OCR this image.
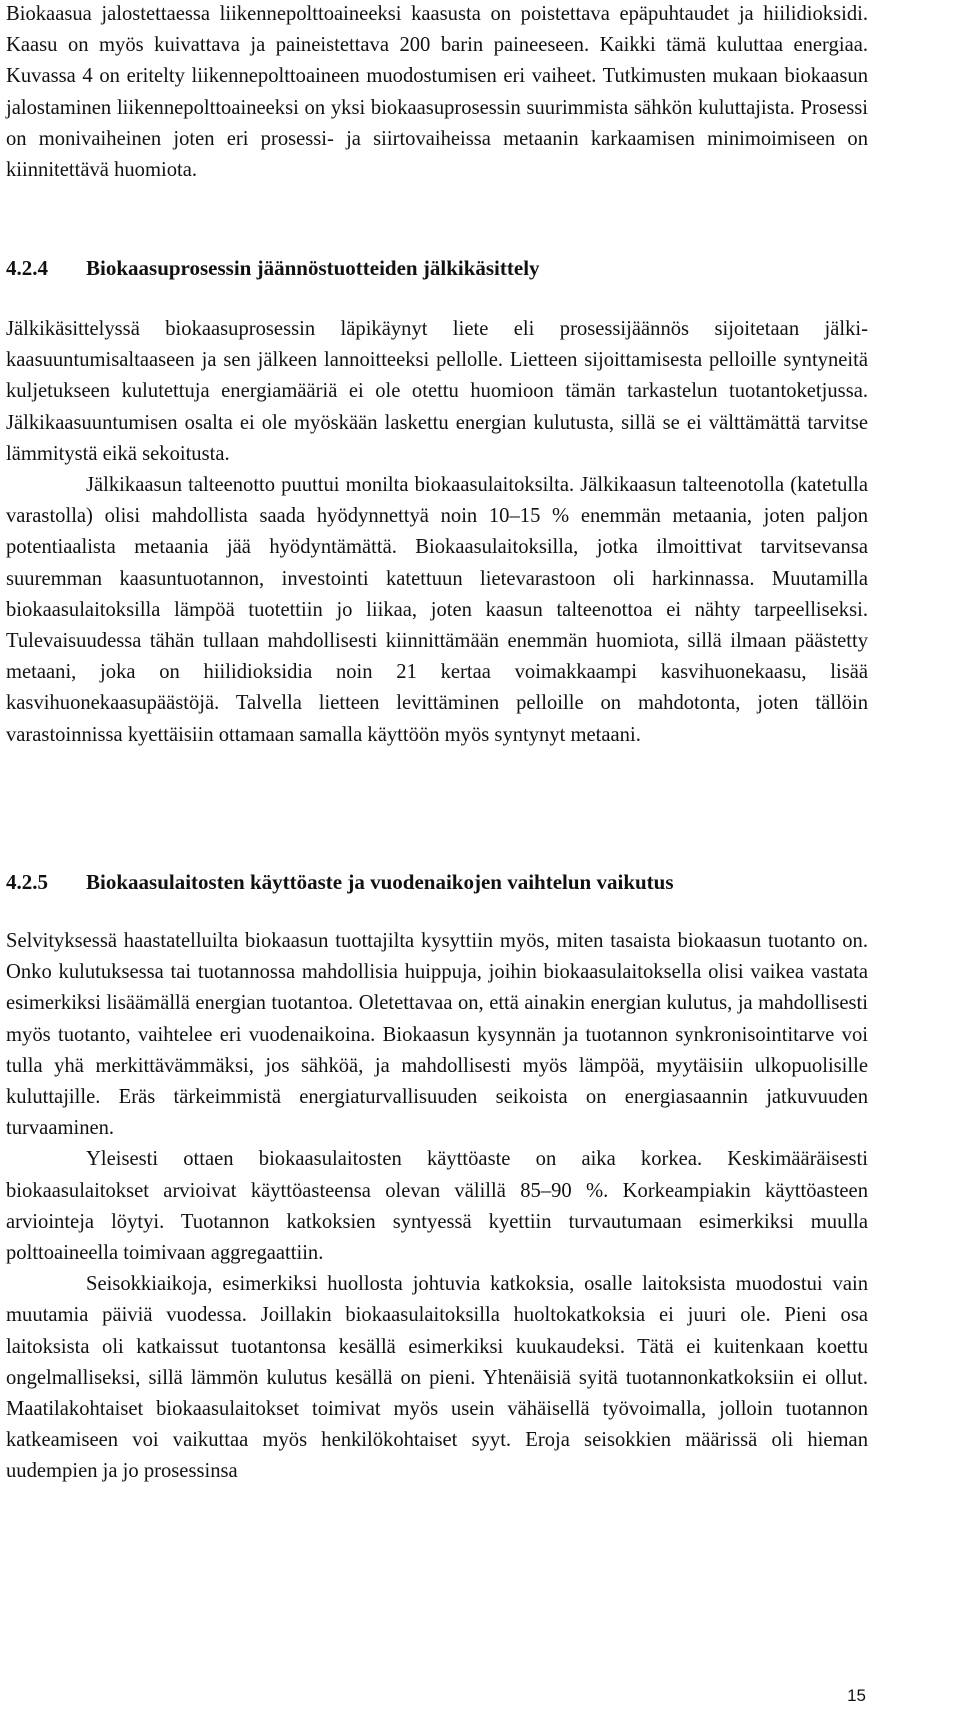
Biokaasua jalostettaessa liikennepolttoaineeksi kaasusta on poistettava epäpuhtaudet ja hiilidioksidi. Kaasu on myös kuivattava ja paineistettava 200 barin paineeseen. Kaikki tämä kuluttaa energiaa. Kuvassa 4 on eritelty liikennepolttoaineen muodostumisen eri vaiheet. Tutkimusten mukaan biokaasun jalostaminen liikennepolttoaineeksi on yksi biokaasuprosessin suurimmista sähkön kuluttajista. Prosessi on monivaiheinen joten eri prosessi- ja siirtovaiheissa metaanin karkaamisen minimoimiseen on kiinnitettävä huomiota.

4.2.4	Biokaasuprosessin jäännöstuotteiden jälkikäsittely

Jälkikäsittelyssä biokaasuprosessin läpikäynyt liete eli prosessijäännös sijoitetaan jälkikaasuuntumisaltaaseen ja sen jälkeen lannoitteeksi pellolle. Lietteen sijoittamisesta pelloille syntyneitä kuljetukseen kulutettuja energiamääriä ei ole otettu huomioon tämän tarkastelun tuotantoketjussa. Jälkikaasuuntumisen osalta ei ole myöskään laskettu energian kulutusta, sillä se ei välttämättä tarvitse lämmitystä eikä sekoitusta.

Jälkikaasun talteenotto puuttui monilta biokaasulaitoksilta. Jälkikaasun talteenotolla (katetulla varastolla) olisi mahdollista saada hyödynnettyä noin 10–15 % enemmän metaania, joten paljon potentiaalista metaania jää hyödyntämättä. Biokaasulaitoksilla, jotka ilmoittivat tarvitsevansa suuremman kaasuntuotannon, investointi katettuun lietevarastoon oli harkinnassa. Muutamilla biokaasulaitoksilla lämpöä tuotettiin jo liikaa, joten kaasun talteenottoa ei nähty tarpeelliseksi. Tulevaisuudessa tähän tullaan mahdollisesti kiinnittämään enemmän huomiota, sillä ilmaan päästetty metaani, joka on hiilidioksidia noin 21 kertaa voimakkaampi kasvihuonekaasu, lisää kasvihuonekaasupäästöjä. Talvella lietteen levittäminen pelloille on mahdotonta, joten tällöin varastoinnissa kyettäisiin ottamaan samalla käyttöön myös syntynyt metaani.

4.2.5	Biokaasulaitosten käyttöaste ja vuodenaikojen vaihtelun vaikutus

Selvityksessä haastatelluilta biokaasun tuottajilta kysyttiin myös, miten tasaista biokaasun tuotanto on. Onko kulutuksessa tai tuotannossa mahdollisia huippuja, joihin biokaasulaitoksella olisi vaikea vastata esimerkiksi lisäämällä energian tuotantoa. Oletettavaa on, että ainakin energian kulutus, ja mahdollisesti myös tuotanto, vaihtelee eri vuodenaikoina. Biokaasun kysynnän ja tuotannon synkronisointitarve voi tulla yhä merkittävämmäksi, jos sähköä, ja mahdollisesti myös lämpöä, myytäisiin ulkopuolisille kuluttajille. Eräs tärkeimmistä energiaturvallisuuden seikoista on energiasaannin jatkuvuuden turvaaminen.

Yleisesti ottaen biokaasulaitosten käyttöaste on aika korkea. Keskimääräisesti biokaasulaitokset arvioivat käyttöasteensa olevan välillä 85–90 %. Korkeampiakin käyttöasteen arviointeja löytyi. Tuotannon katkoksien syntyessä kyettiin turvautumaan esimerkiksi muulla polttoaineella toimivaan aggregaattiin.

Seisokkiaikoja, esimerkiksi huollosta johtuvia katkoksia, osalle laitoksista muodostui vain muutamia päiviä vuodessa. Joillakin biokaasulaitoksilla huoltokatkoksia ei juuri ole. Pieni osa laitoksista oli katkaissut tuotantonsa kesällä esimerkiksi kuukaudeksi. Tätä ei kuitenkaan koettu ongelmalliseksi, sillä lämmön kulutus kesällä on pieni. Yhtenäisiä syitä tuotannonkatkoksiin ei ollut. Maatilakohtaiset biokaasulaitokset toimivat myös usein vähäisellä työvoimalla, jolloin tuotannon katkeamiseen voi vaikuttaa myös henkilökohtaiset syyt. Eroja seisokkien määrissä oli hieman uudempien ja jo prosessinsa

15
